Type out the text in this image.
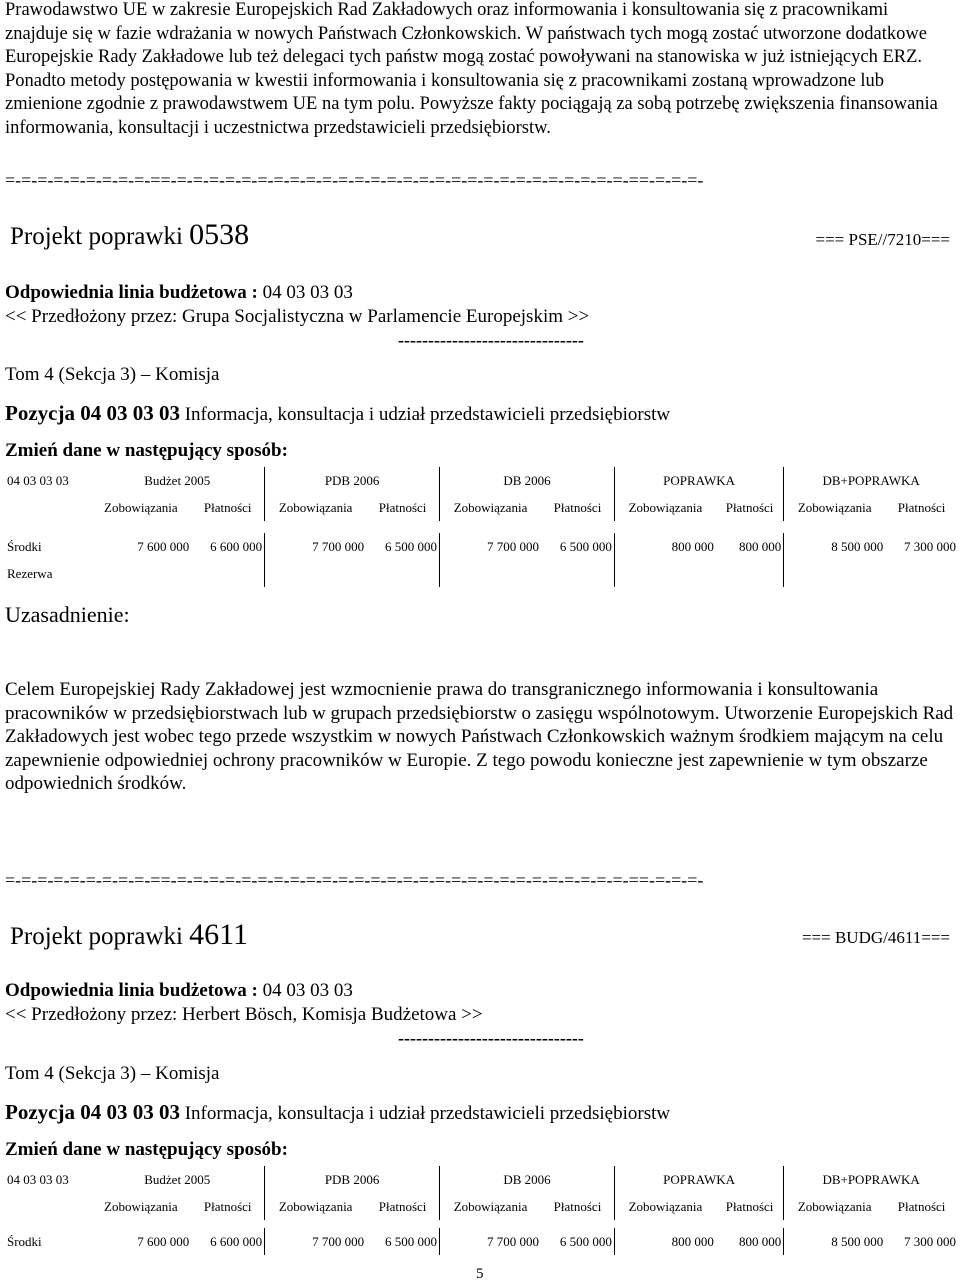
Prawodawstwo UE w zakresie Europejskich Rad Zakładowych oraz informowania i konsultowania się z pracownikami znajduje się w fazie wdrażania w nowych Państwach Członkowskich. W państwach tych mogą zostać utworzone dodatkowe Europejskie Rady Zakładowe lub też delegaci tych państw mogą zostać powoływani na stanowiska w już istniejących ERZ. Ponadto metody postępowania w kwestii informowania i konsultowania się z pracownikami zostaną wprowadzone lub zmienione zgodnie z prawodawstwem UE na tym polu. Powyższe fakty pociągają za sobą potrzebę zwiększenia finansowania informowania, konsultacji i uczestnictwa przedstawicieli przedsiębiorstw.

=-=-=-=-=-=-=-=-=-==-=-=-=-=-=-=-=-=-=-=-=-=-=-=-=-=-=-=-=-=-=-=-=-=-=-=-=-=-==-=-=-=-
Projekt poprawki 0538	=== PSE//7210===
Odpowiednia linia budżetowa : 04 03 03 03
<< Przedłożony przez: Grupa Socjalistyczna w Parlamencie Europejskim >>
-------------------------------
Tom 4 (Sekcja 3) – Komisja
Pozycja 04 03 03 03 Informacja, konsultacja i udział przedstawicieli przedsiębiorstw
Zmień dane w następujący sposób:
04 03 03 03	Budżet 2005		PDB 2006		DB 2006		POPRAWKA		DB+POPRAWKA	
	Zobowiązania	Płatności	Zobowiązania	Płatności	Zobowiązania	Płatności	Zobowiązania	Płatności	Zobowiązania	Płatności

Środki	7 600 000	6 600 000	7 700 000	6 500 000	7 700 000	6 500 000	800 000	800 000	8 500 000	7 300 000
Rezerwa										
Uzasadnienie:

Celem Europejskiej Rady Zakładowej jest wzmocnienie prawa do transgranicznego informowania i konsultowania pracowników w przedsiębiorstwach lub w grupach przedsiębiorstw o zasięgu wspólnotowym. Utworzenie Europejskich Rad Zakładowych jest wobec tego przede wszystkim w nowych Państwach Członkowskich ważnym środkiem mającym na celu zapewnienie odpowiedniej ochrony pracowników w Europie. Z tego powodu konieczne jest zapewnienie w tym obszarze odpowiednich środków.

=-=-=-=-=-=-=-=-=-==-=-=-=-=-=-=-=-=-=-=-=-=-=-=-=-=-=-=-=-=-=-=-=-=-=-=-=-=-==-=-=-=-
Projekt poprawki 4611	=== BUDG/4611===
Odpowiednia linia budżetowa : 04 03 03 03
<< Przedłożony przez: Herbert Bösch, Komisja Budżetowa >>
-------------------------------
Tom 4 (Sekcja 3) – Komisja
Pozycja 04 03 03 03 Informacja, konsultacja i udział przedstawicieli przedsiębiorstw
Zmień dane w następujący sposób:
04 03 03 03	Budżet 2005		PDB 2006		DB 2006		POPRAWKA		DB+POPRAWKA	
	Zobowiązania	Płatności	Zobowiązania	Płatności	Zobowiązania	Płatności	Zobowiązania	Płatności	Zobowiązania	Płatności

Środki	7 600 000	6 600 000	7 700 000	6 500 000	7 700 000	6 500 000	800 000	800 000	8 500 000	7 300 000
5
